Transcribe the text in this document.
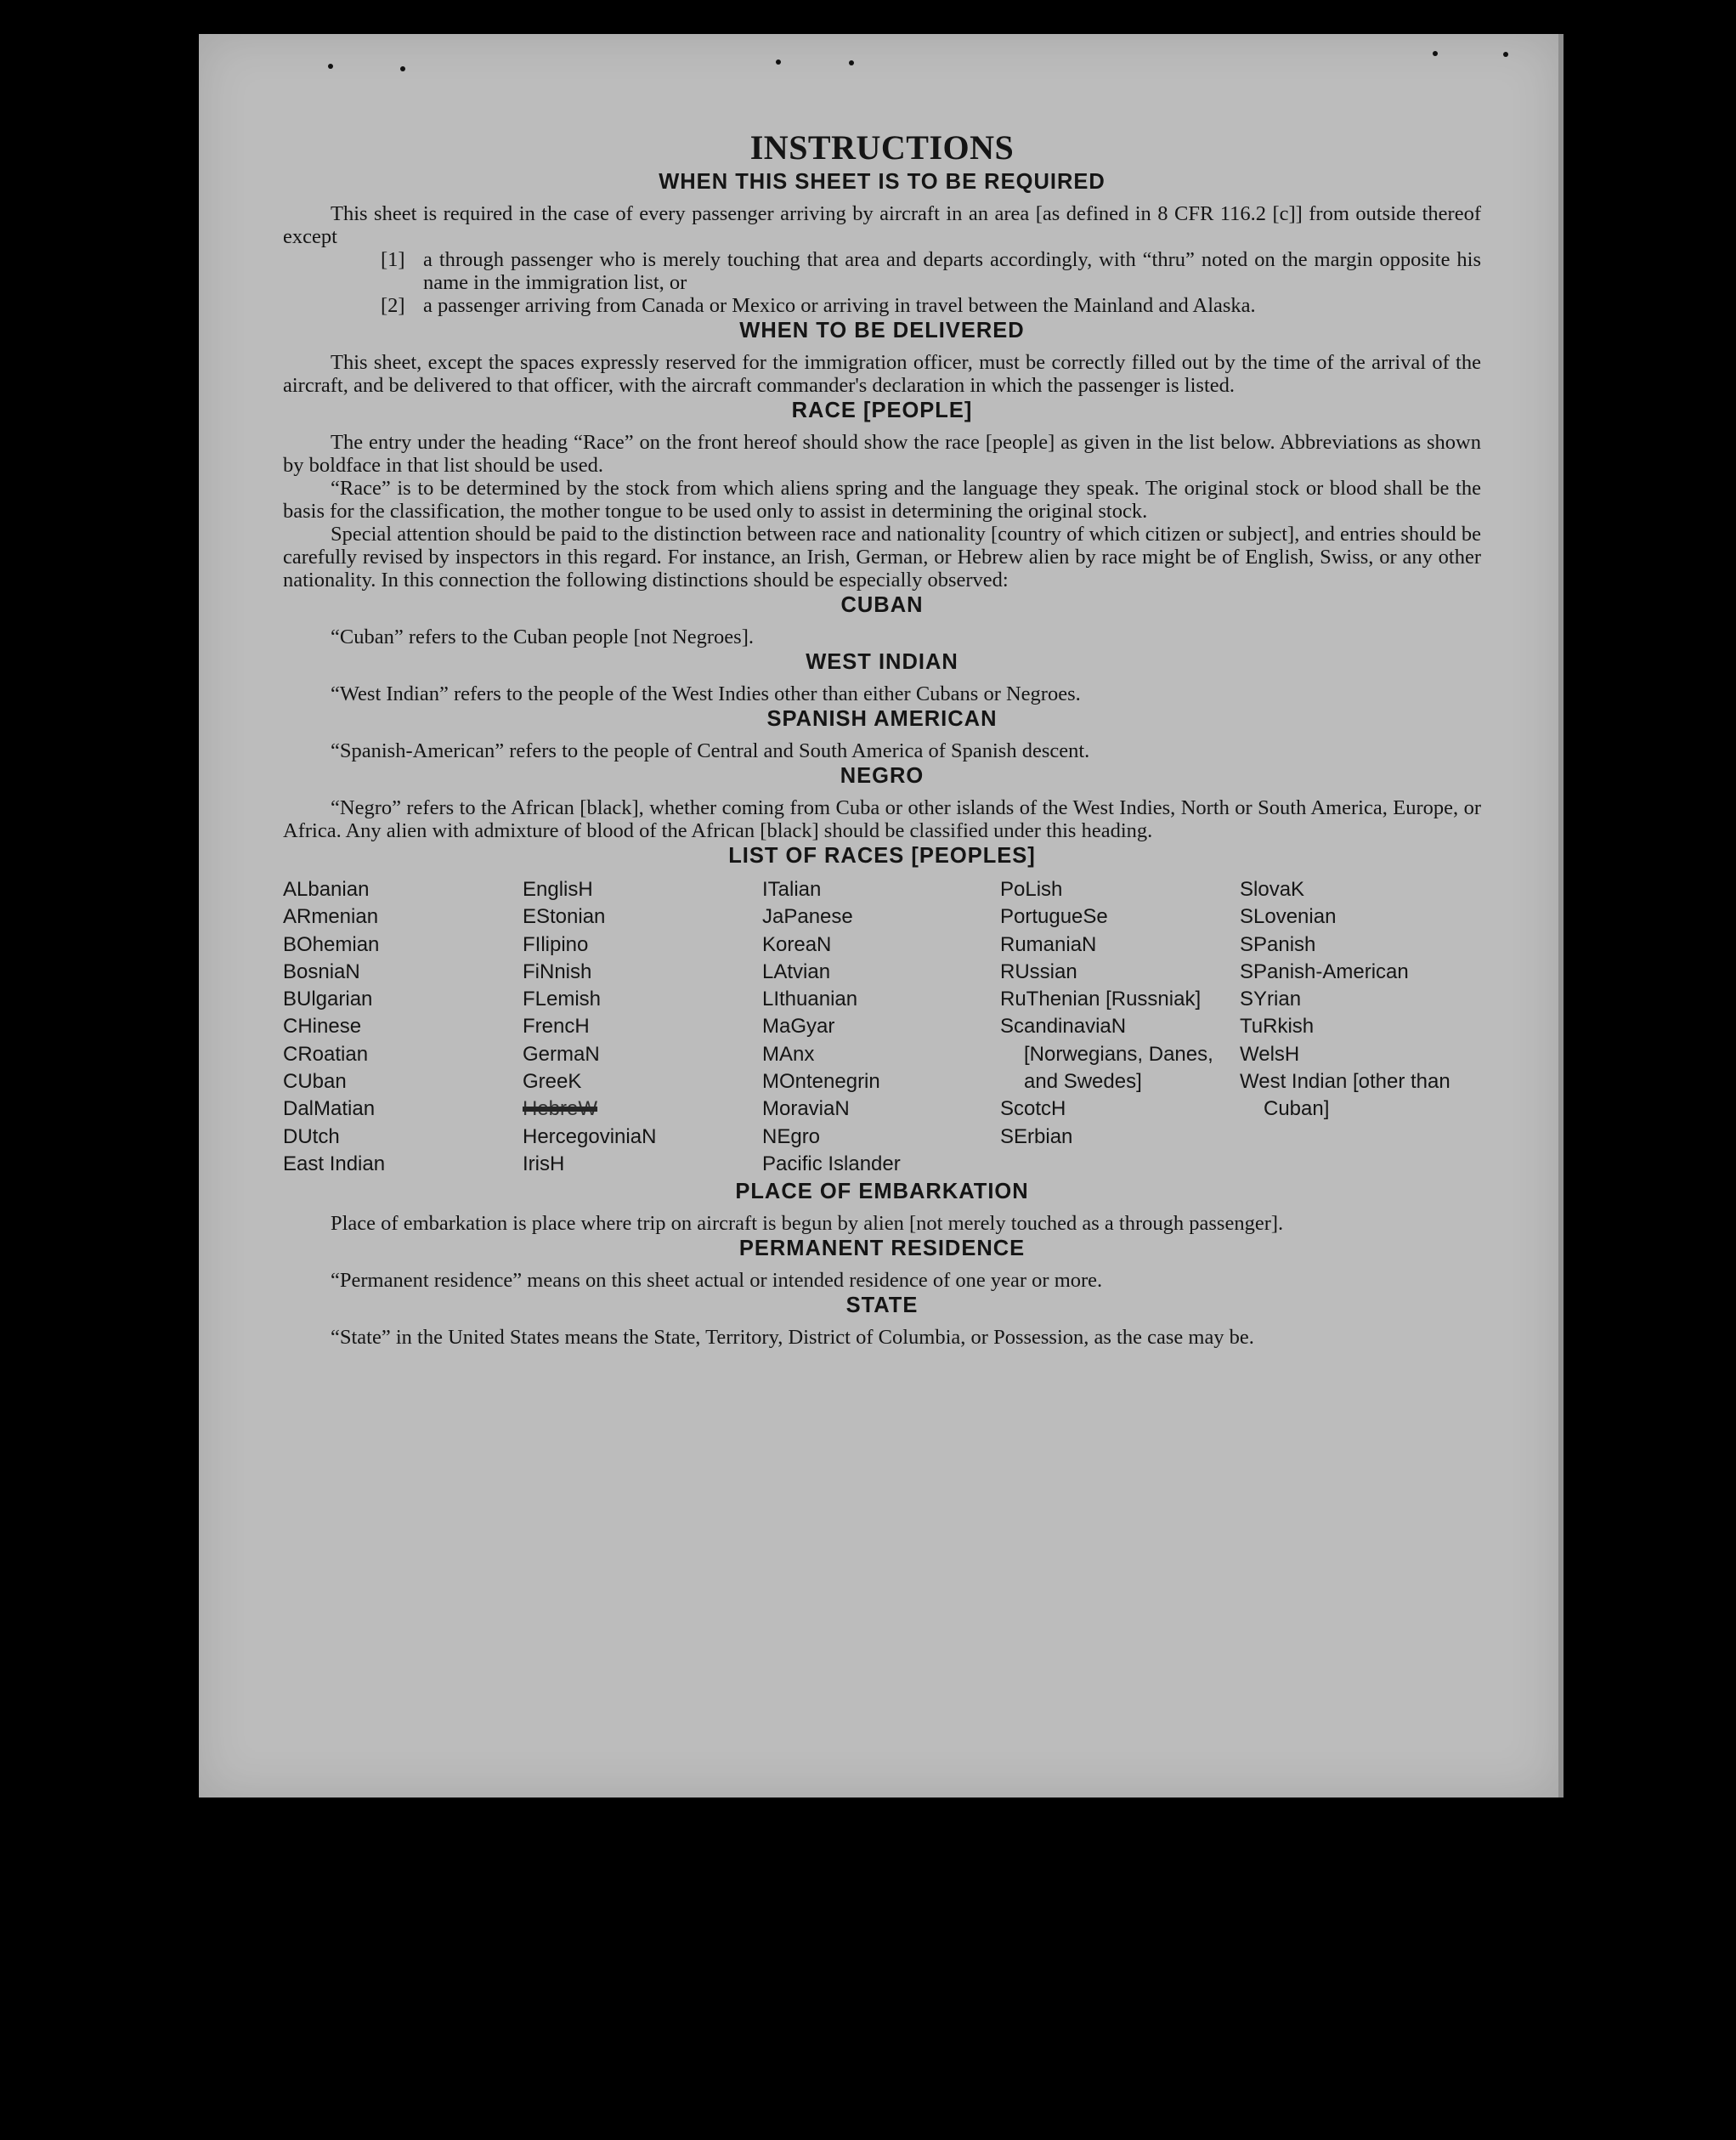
INSTRUCTIONS
WHEN THIS SHEET IS TO BE REQUIRED

This sheet is required in the case of every passenger arriving by aircraft in an area [as defined in 8 CFR 116.2 [c]] from outside thereof except

[1] a through passenger who is merely touching that area and departs accordingly, with “thru” noted on the margin opposite his name in the immigration list, or
[2] a passenger arriving from Canada or Mexico or arriving in travel between the Mainland and Alaska.
WHEN TO BE DELIVERED

This sheet, except the spaces expressly reserved for the immigration officer, must be correctly filled out by the time of the arrival of the aircraft, and be delivered to that officer, with the aircraft commander's declaration in which the passenger is listed.

RACE [PEOPLE]

The entry under the heading “Race” on the front hereof should show the race [people] as given in the list below. Abbreviations as shown by boldface in that list should be used.

“Race” is to be determined by the stock from which aliens spring and the language they speak. The original stock or blood shall be the basis for the classification, the mother tongue to be used only to assist in determining the original stock.

Special attention should be paid to the distinction between race and nationality [country of which citizen or subject], and entries should be carefully revised by inspectors in this regard. For instance, an Irish, German, or Hebrew alien by race might be of English, Swiss, or any other nationality. In this connection the following distinctions should be especially observed:

CUBAN

“Cuban” refers to the Cuban people [not Negroes].

WEST INDIAN

“West Indian” refers to the people of the West Indies other than either Cubans or Negroes.

SPANISH AMERICAN

“Spanish-American” refers to the people of Central and South America of Spanish descent.

NEGRO

“Negro” refers to the African [black], whether coming from Cuba or other islands of the West Indies, North or South America, Europe, or Africa. Any alien with admixture of blood of the African [black] should be classified under this heading.

LIST OF RACES [PEOPLES]
ALbanian
ARmenian
BOhemian
BosniaN
BUlgarian
CHinese
CRoatian
CUban
DalMatian
DUtch
East Indian
EnglisH
EStonian
FIlipino
FiNnish
FLemish
FrencH
GermaN
GreeK
HebreW
HercegoviniaN
IrisH
ITalian
JaPanese
KoreaN
LAtvian
LIthuanian
MaGyar
MAnx
MOntenegrin
MoraviaN
NEgro
Pacific Islander
PoLish
PortugueSe
RumaniaN
RUssian
RuThenian [Russniak]
ScandinaviaN [Norwegians, Danes, and Swedes]
ScotcH
SErbian
SlovaK
SLovenian
SPanish
SPanish-American
SYrian
TuRkish
WelsH
West Indian [other than Cuban]
PLACE OF EMBARKATION

Place of embarkation is place where trip on aircraft is begun by alien [not merely touched as a through passenger].

PERMANENT RESIDENCE

“Permanent residence” means on this sheet actual or intended residence of one year or more.

STATE

“State” in the United States means the State, Territory, District of Columbia, or Possession, as the case may be.
